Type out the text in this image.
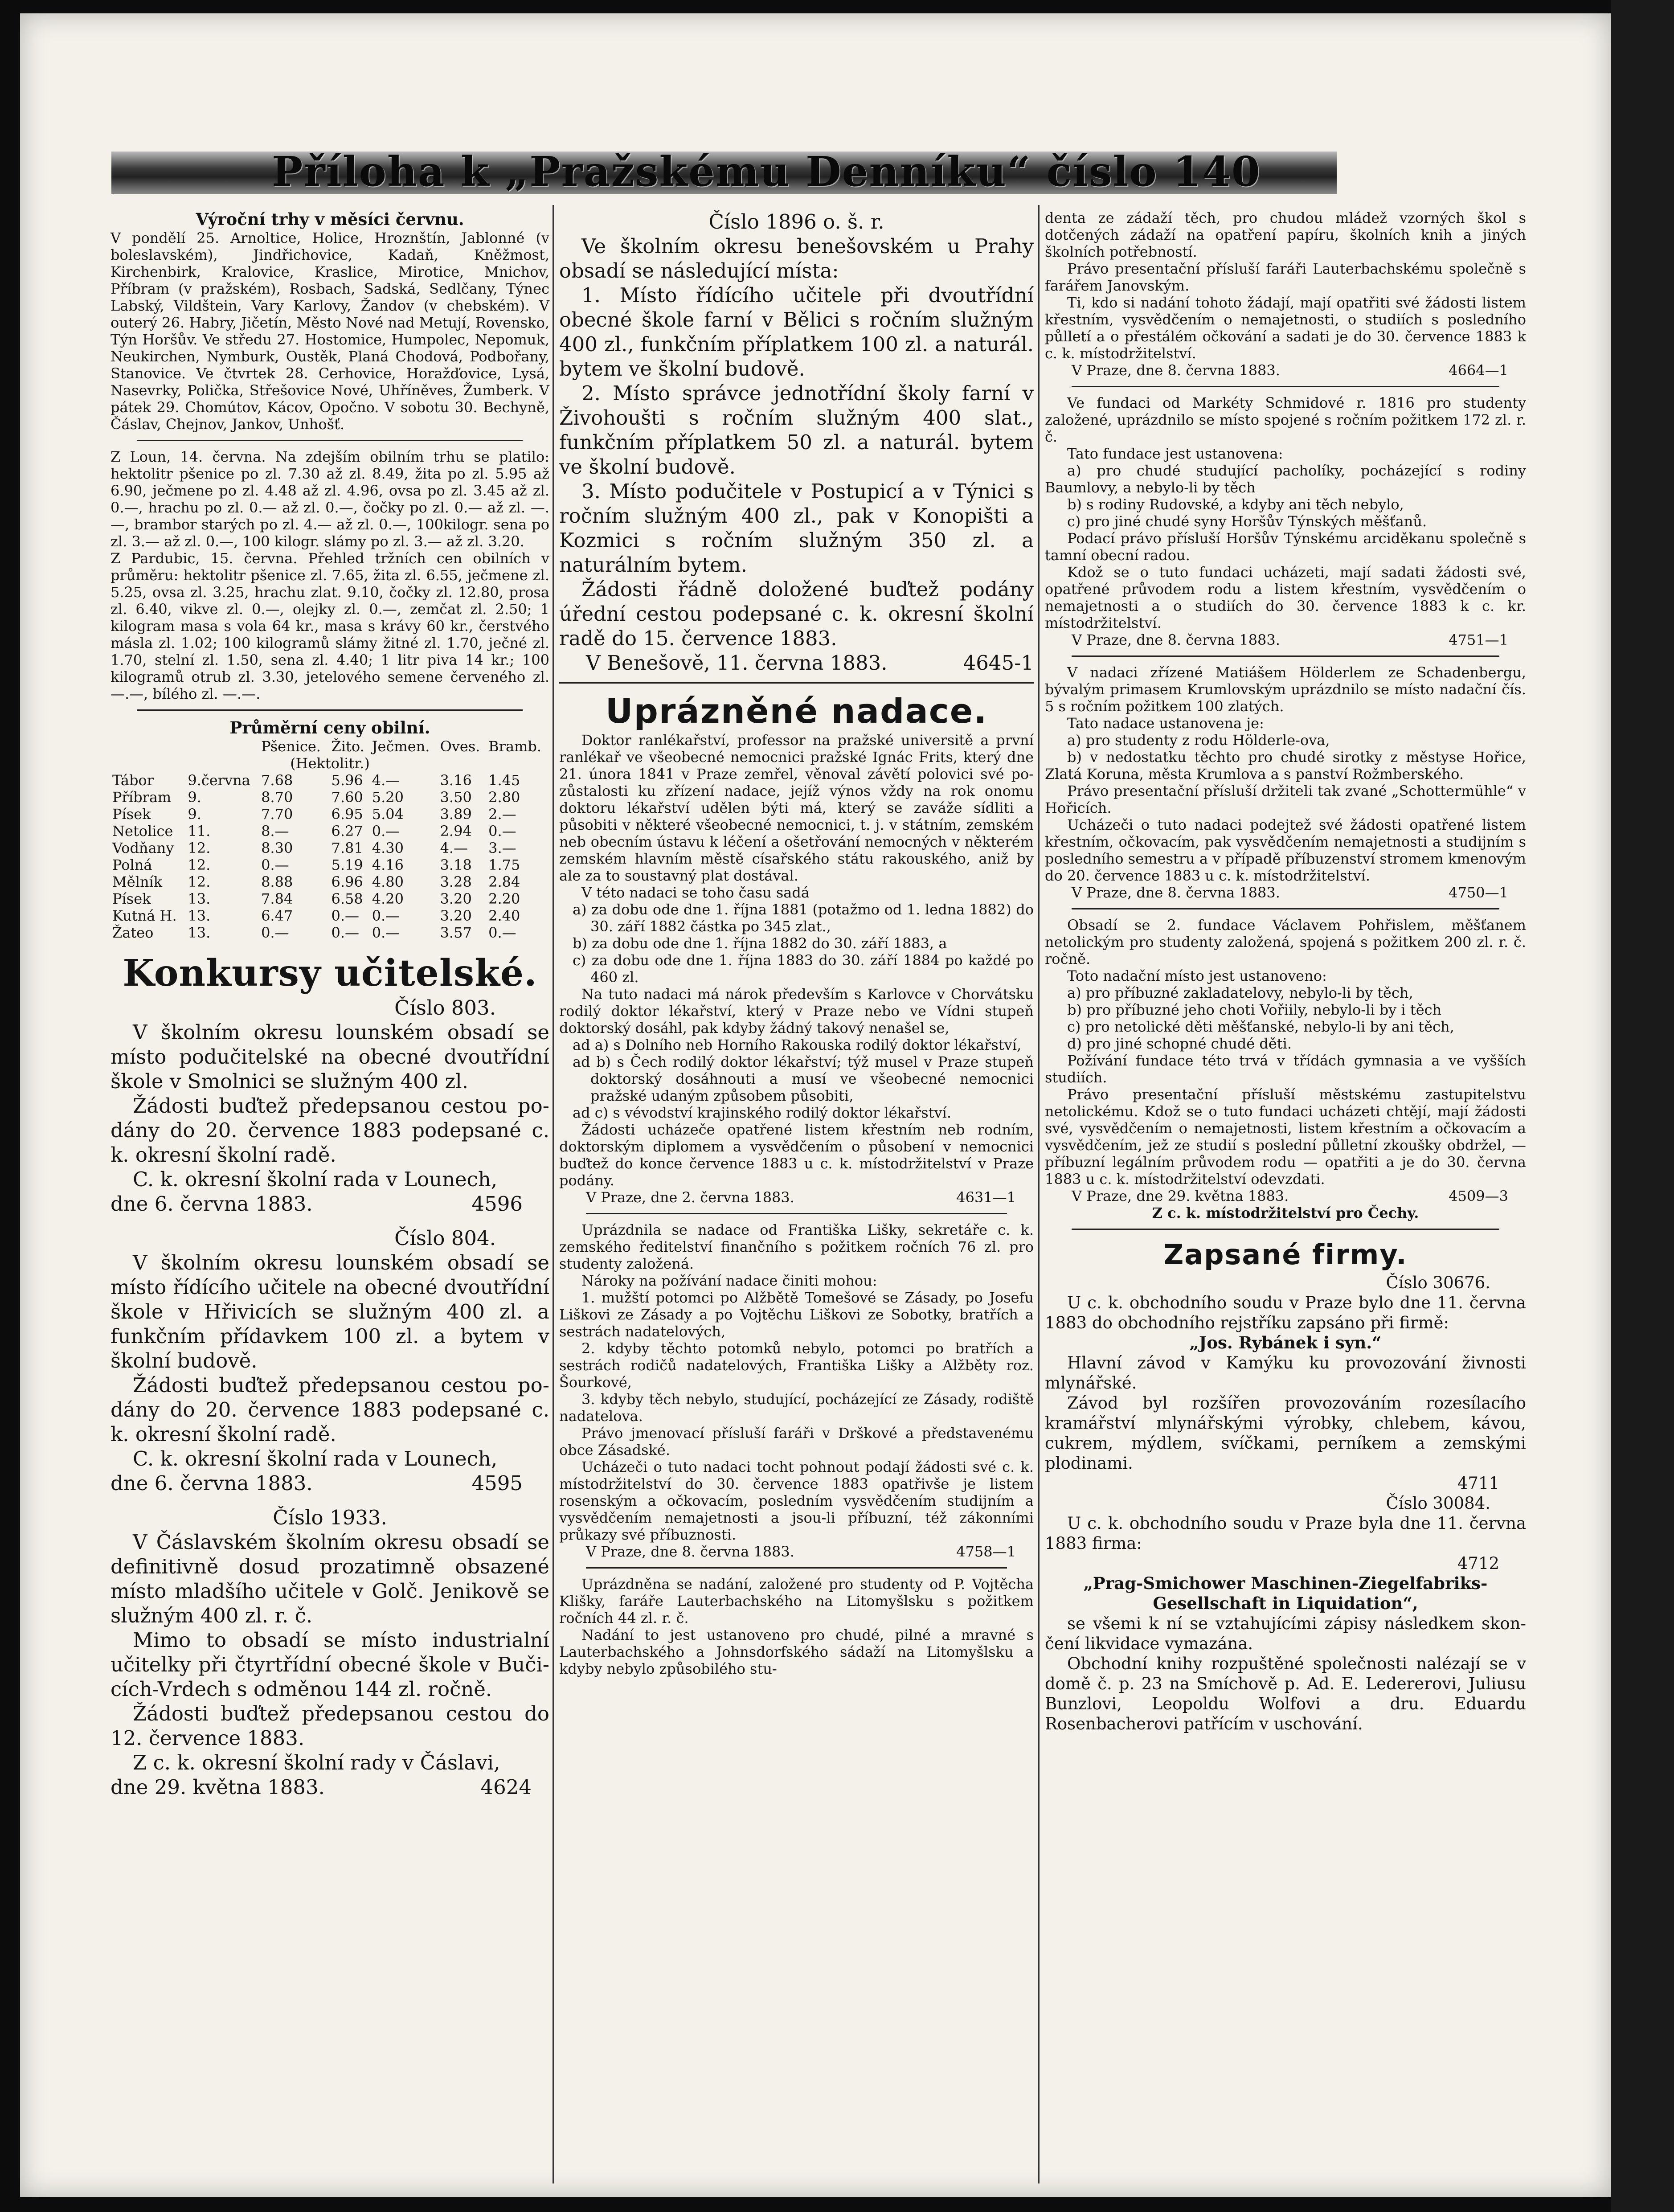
Příloha k „Pražskému Denníku“ číslo 140

Výroční trhy v měsíci červnu.

V pondělí 25. Arnoltice, Holice, Hroznštín, Jablonné (v boleslavském), Jindřichovice, Kadaň, Kněžmost, Kirchenbirk, Kralovice, Kraslice, Mirotice, Mnichov, Příbram (v pražském), Rosbach, Sadská, Sedlčany, Týnec Labský, Vildštein, Vary Karlovy, Žandov (v chebském). V outerý 26. Habry, Jičetín, Město Nové nad Metují, Rovensko, Týn Horšův. Ve středu 27. Hostomice, Humpolec, Nepomuk, Neukirchen, Nymburk, Oustěk, Planá Chodová, Podbořany, Stanovice. Ve čtvrtek 28. Cerhovice, Horažďovice, Lysá, Nasevrky, Polička, Střešovice Nové, Uhříněves, Žumberk. V pátek 29. Chomútov, Kácov, Opočno. V sobotu 30. Bechyně, Čáslav, Chejnov, Jankov, Unhošť.

Z Loun, 14. června. Na zdejším obilním trhu se platilo: hektolitr pšenice po zl. 7.30 až zl. 8.49, žita po zl. 5.95 až 6.90, ječmene po zl. 4.48 až zl. 4.96, ovsa po zl. 3.45 až zl. 0.—, hrachu po zl. 0.— až zl. 0.—, čočky po zl. 0.— až zl. —.—, brambor starých po zl. 4.— až zl. 0.—, 100kilogr. sena po zl. 3.— až zl. 0.—, 100 kilogr. slámy po zl. 3.— až zl. 3.20.

Z Pardubic, 15. června. Přehled tržních cen obilních v průměru: hektolitr pšenice zl. 7.65, žita zl. 6.55, ječmene zl. 5.25, ovsa zl. 3.25, hrachu zlat. 9.10, čočky zl. 12.80, prosa zl. 6.40, vikve zl. 0.—, olejky zl. 0.—, zemčat zl. 2.50; 1 kilogram masa s vola 64 kr., masa s krávy 60 kr., čerstvého másla zl. 1.02; 100 kilogramů slámy žitné zl. 1.70, ječné zl. 1.70, stelní zl. 1.50, sena zl. 4.40; 1 litr piva 14 kr.; 100 kilogramů otrub zl. 3.30, jetelového semene červeného zl. —.—, bílého zl. —.—.

Průměrní ceny obilní.

		Pšenice.	Žito.	Ječmen.	Oves.	Bramb.
(Hektolitr.)						
Tábor	9.června	7.68	5.96	4.—	3.16	1.45
Příbram	9.	8.70	7.60	5.20	3.50	2.80
Písek	9.	7.70	6.95	5.04	3.89	2.—
Netolice	11.	8.—	6.27	0.—	2.94	0.—
Vodňany	12.	8.30	7.81	4.30	4.—	3.—
Polná	12.	0.—	5.19	4.16	3.18	1.75
Mělník	12.	8.88	6.96	4.80	3.28	2.84
Písek	13.	7.84	6.58	4.20	3.20	2.20
Kutná H.	13.	6.47	0.—	0.—	3.20	2.40
Žateo	13.	0.—	0.—	0.—	3.57	0.—

Konkursy učitelské.

Číslo 803.

V školním okresu lounském obsadí se místo podučitelské na obecné dvoutřídní škole v Smolnici se služným 400 zl.

Žádosti buďtež předepsanou cestou podány do 20. července 1883 podepsané c. k. okresní školní radě.

C. k. okresní školní rada v Lounech,

dne 6. června 1883.	4596

Číslo 804.

V školním okresu lounském obsadí se místo řídícího učitele na obecné dvoutřídní škole v Hřivicích se služným 400 zl. a funkčním přídavkem 100 zl. a bytem v školní budově.

Žádosti buďtež předepsanou cestou podány do 20. července 1883 podepsané c. k. okresní školní radě.

C. k. okresní školní rada v Lounech,

dne 6. června 1883.	4595

Číslo 1933.

V Čáslavském školním okresu obsadí se definitivně dosud prozatimně obsazené místo mladšího učitele v Golč. Jenikově se služným 400 zl. r. č.

Mimo to obsadí se místo industrialní učitelky při čtyrtřídní obecné škole v Bučicích-Vrdech s odměnou 144 zl. ročně.

Žádosti buďtež předepsanou cestou do 12. července 1883.

Z c. k. okresní školní rady v Čáslavi,

dne 29. května 1883.	4624

Číslo 1896 o. š. r.

Ve školním okresu benešovském u Prahy obsadí se následující místa:

1. Místo řídícího učitele při dvoutřídní obecné škole farní v Bělici s ročním služným 400 zl., funkčním příplatkem 100 zl. a naturál. bytem ve školní budově.

2. Místo správce jednotřídní školy farní v Živohoušti s ročním služným 400 slat., funkčním příplatkem 50 zl. a naturál. bytem ve školní budově.

3. Místo podučitele v Postupicí a v Týnici s ročním služným 400 zl., pak v Konopišti a Kozmici s ročním služným 350 zl. a naturálním bytem.

Žádosti řádně doložené buďtež podány úřední cestou podepsané c. k. okresní školní radě do 15. července 1883.

V Benešově, 11. června 1883.	4645-1

Uprázněné nadace.

Doktor ranlékařství, professor na pražské universitě a první ranlékař ve všeobecné nemocnici pražské Ignác Frits, který dne 21. února 1841 v Praze zemřel, věnoval závětí polovici své pozůstalosti ku zřízení nadace, jejíž výnos vždy na rok onomu doktoru lékařství udělen býti má, který se zaváže sídliti a působiti v některé všeobecné nemocnici, t. j. v státním, zemském neb obecním ústavu k léčení a ošetřování nemocných v některém zemském hlavním městě císařského státu rakouského, aniž by ale za to soustavný plat dostával.

V této nadaci se toho času sadá

a) za dobu ode dne 1. října 1881 (potažmo od 1. ledna 1882) do 30. září 1882 částka po 345 zlat.,

b) za dobu ode dne 1. října 1882 do 30. září 1883, a

c) za dobu ode dne 1. října 1883 do 30. září 1884 po každé po 460 zl.

Na tuto nadaci má nárok především s Karlovce v Chorvátsku rodilý doktor lékařství, který v Praze nebo ve Vídni stupeň doktorský dosáhl, pak kdyby žádný takový nenašel se,

ad a) s Dolního neb Horního Rakouska rodilý doktor lékařství,

ad b) s Čech rodilý doktor lékařství; týž musel v Praze stupeň doktorský dosáhnouti a musí ve všeobecné nemocnici pražské udaným způsobem působiti,

ad c) s vévodství krajinského rodilý doktor lékařství.

Žádosti ucházeče opatřené listem křestním neb rodním, doktorským diplomem a vysvědčením o působení v nemocnici buďtež do konce července 1883 u c. k. místodržitelství v Praze podány.

V Praze, dne 2. června 1883.	4631—1

Uprázdnila se nadace od Františka Lišky, sekretáře c. k. zemského ředitelství finančního s požitkem ročních 76 zl. pro studenty založená.

Nároky na požívání nadace činiti mohou:

1. mužští potomci po Alžbětě Tomešové se Zásady, po Josefu Liškovi ze Zásady a po Vojtěchu Liškovi ze Sobotky, bratřích a sestrách nadatelových,

2. kdyby těchto potomků nebylo, potomci po bratřích a sestrách rodičů nadatelových, Františka Lišky a Alžběty roz. Šourkové,

3. kdyby těch nebylo, studující, pocházející ze Zásady, rodiště nadatelova.

Právo jmenovací přísluší faráři v Drškové a představenému obce Zásadské.

Ucházeči o tuto nadaci tocht pohnout podají žádosti své c. k. místodržitelství do 30. července 1883 opatřivše je listem rosenským a očkovacím, posledním vysvědčením studijním a vysvědčením nemajetnosti a jsou-li příbuzní, též zákonními průkazy své příbuznosti.

V Praze, dne 8. června 1883.	4758—1

Uprázdněna se nadání, založené pro studenty od P. Vojtěcha Klišky, faráře Lauterbachského na Litomyšlsku s požitkem ročních 44 zl. r. č.

Nadání to jest ustanoveno pro chudé, pilné a mravné s Lauterbachského a Johnsdorfského sádaží na Litomyšlsku a kdyby nebylo způsobilého stu-

denta ze zádaží těch, pro chudou mládež vzorných škol s dotčených zádaží na opatření papíru, školních knih a jiných školních potřebností.

Právo presentační přísluší faráři Lauterbachskému společně s farářem Janovským.

Ti, kdo si nadání tohoto žádají, mají opatřiti své žádosti listem křestním, vysvědčením o nemajetnosti, o studiích s posledního půlletí a o přestálém očkování a sadati je do 30. července 1883 k c. k. místodržitelství.

V Praze, dne 8. června 1883.	4664—1

Ve fundaci od Markéty Schmidové r. 1816 pro studenty založené, uprázdnilo se místo spojené s ročním požitkem 172 zl. r. č.

Tato fundace jest ustanovena:

a) pro chudé studující pacholíky, pocházející s rodiny Baumlovy, a nebylo-li by těch

b) s rodiny Rudovské, a kdyby ani těch nebylo,

c) pro jiné chudé syny Horšův Týnských měšťanů.

Podací právo přísluší Horšův Týnskému arciděkanu společně s tamní obecní radou.

Kdož se o tuto fundaci ucházeti, mají sadati žádosti své, opatřené průvodem rodu a listem křestním, vysvědčením o nemajetnosti a o studiích do 30. července 1883 k c. kr. místodržitelství.

V Praze, dne 8. června 1883.	4751—1

V nadaci zřízené Matiášem Hölderlem ze Schadenbergu, bývalým primasem Krumlovským uprázdnilo se místo nadační čís. 5 s ročním požitkem 100 zlatých.

Tato nadace ustanovena je:

a) pro studenty z rodu Hölderle-ova,

b) v nedostatku těchto pro chudé sirotky z městyse Hořice, Zlatá Koruna, města Krumlova a s panství Rožmberského.

Právo presentační přísluší držiteli tak zvané „Schottermühle“ v Hořicích.

Ucházeči o tuto nadaci podejtež své žádosti opatřené listem křestním, očkovacím, pak vysvědčením nemajetnosti a studijním s posledního semestru a v případě příbuzenství stromem kmenovým do 20. července 1883 u c. k. místodržitelství.

V Praze, dne 8. června 1883.	4750—1

Obsadí se 2. fundace Václavem Pohřislem, měšťanem netolickým pro studenty založená, spojená s požitkem 200 zl. r. č. ročně.

Toto nadační místo jest ustanoveno:

a) pro příbuzné zakladatelovy, nebylo-li by těch,

b) pro příbuzné jeho choti Vořiily, nebylo-li by i těch

c) pro netolické děti měšťanské, nebylo-li by ani těch,

d) pro jiné schopné chudé děti.

Požívání fundace této trvá v třídách gymnasia a ve vyšších studiích.

Právo presentační přísluší městskému zastupitelstvu netolickému. Kdož se o tuto fundaci ucházeti chtějí, mají žádosti své, vysvědčením o nemajetnosti, listem křestním a očkovacím a vysvědčením, jež ze studií s poslední půlletní zkoušky obdržel, — příbuzní legálním průvodem rodu — opatřiti a je do 30. června 1883 u c. k. místodržitelství odevzdati.

V Praze, dne 29. května 1883.	4509—3

Z c. k. místodržitelství pro Čechy.

Zapsané firmy.

Číslo 30676.

U c. k. obchodního soudu v Praze bylo dne 11. června 1883 do obchodního rejstříku zapsáno při firmě:

„Jos. Rybánek i syn.“

Hlavní závod v Kamýku ku provozování živnosti mlynářské.

Závod byl rozšířen provozováním rozesílacího kramářství mlynářskými výrobky, chlebem, kávou, cukrem, mýdlem, svíčkami, perníkem a zemskými plodinami.

4711

Číslo 30084.

U c. k. obchodního soudu v Praze byla dne 11. června 1883 firma:

4712

„Prag-Smichower Maschinen-Ziegelfabriks-Gesellschaft in Liquidation“,

se všemi k ní se vztahujícími zápisy následkem skončení likvidace vymazána.

Obchodní knihy rozpuštěné společnosti nalézají se v domě č. p. 23 na Smíchově p. Ad. E. Ledererovi, Juliusu Bunzlovi, Leopoldu Wolfovi a dru. Eduardu Rosenbacherovi patřícím v uschování.
